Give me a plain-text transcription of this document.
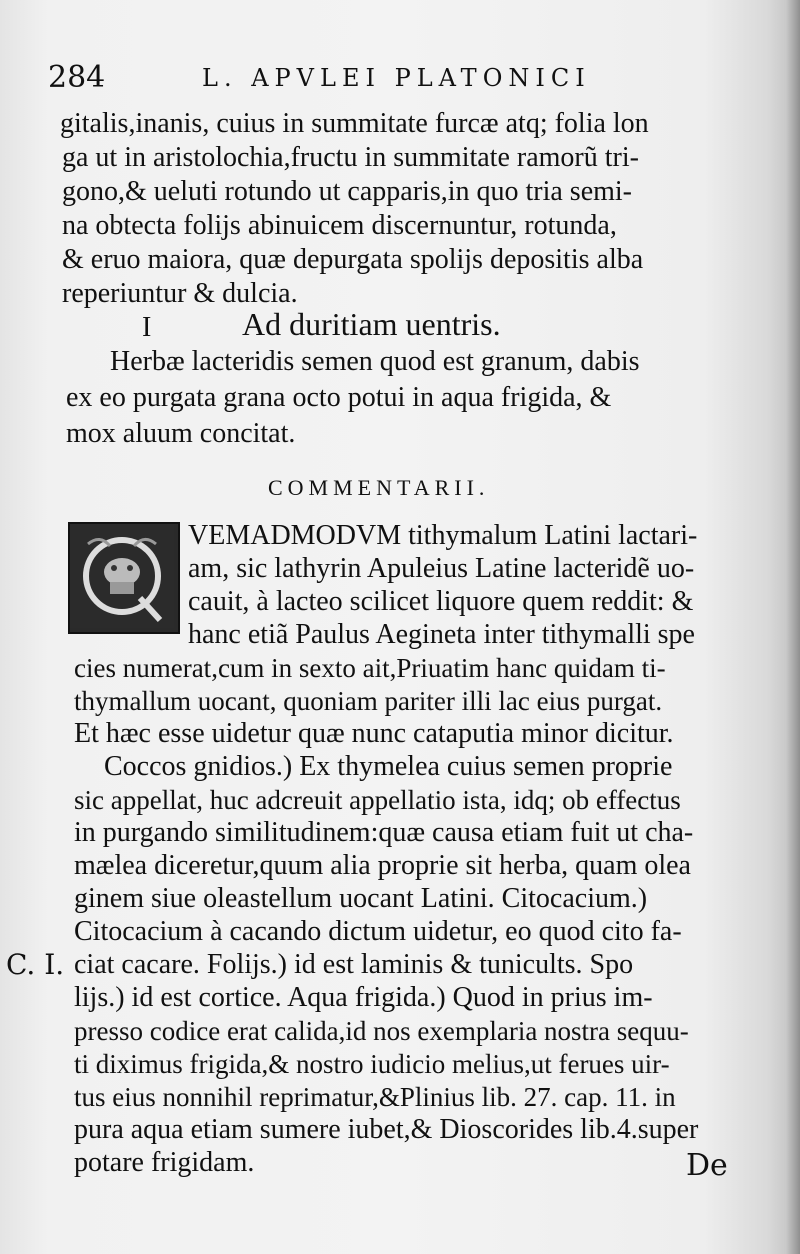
284	L. APVLEI PLATONICI
gitalis,inanis, cuius in summitate furcæ atq; folia lon
ga ut in aristolochia,fructu in summitate ramorũ tri-
gono,& ueluti rotundo ut capparis,in quo tria semi-
na obtecta folijs abinuicem discernuntur, rotunda,
& eruo maiora, quæ depurgata spolijs depositis alba
reperiuntur & dulcia.
I	Ad duritiam uentris.
Herbæ lacteridis semen quod est granum, dabis
ex eo purgata grana octo potui in aqua frigida, &
mox aluum concitat.
COMMENTARII.
VEMADMODVM tithymalum Latini lactari-
am, sic lathyrin Apuleius Latine lacteridẽ uo-
cauit, à lacteo scilicet liquore quem reddit: &
hanc etiã Paulus Aegineta inter tithymalli spe
cies numerat,cum in sexto ait,Priuatim hanc quidam ti-
thymallum uocant, quoniam pariter illi lac eius purgat.
Et hæc esse uidetur quæ nunc cataputia minor dicitur.
Coccos gnidios.) Ex thymelea cuius semen proprie
sic appellat, huc adcreuit appellatio ista, idq; ob effectus
in purgando similitudinem:quæ causa etiam fuit ut cha-
mælea diceretur,quum alia proprie sit herba, quam olea
ginem siue oleastellum uocant Latini. Citocacium.)
Citocacium à cacando dictum uidetur, eo quod cito fa-
ciat cacare. Folijs.) id est laminis & tunicults. Spo
lijs.) id est cortice. Aqua frigida.) Quod in prius im-
presso codice erat calida,id nos exemplaria nostra sequu-
ti diximus frigida,& nostro iudicio melius,ut ferues uir-
tus eius nonnihil reprimatur,&Plinius lib. 27. cap. 11. in
pura aqua etiam sumere iubet,& Dioscorides lib.4.super
potare frigidam.
C. I.
De
